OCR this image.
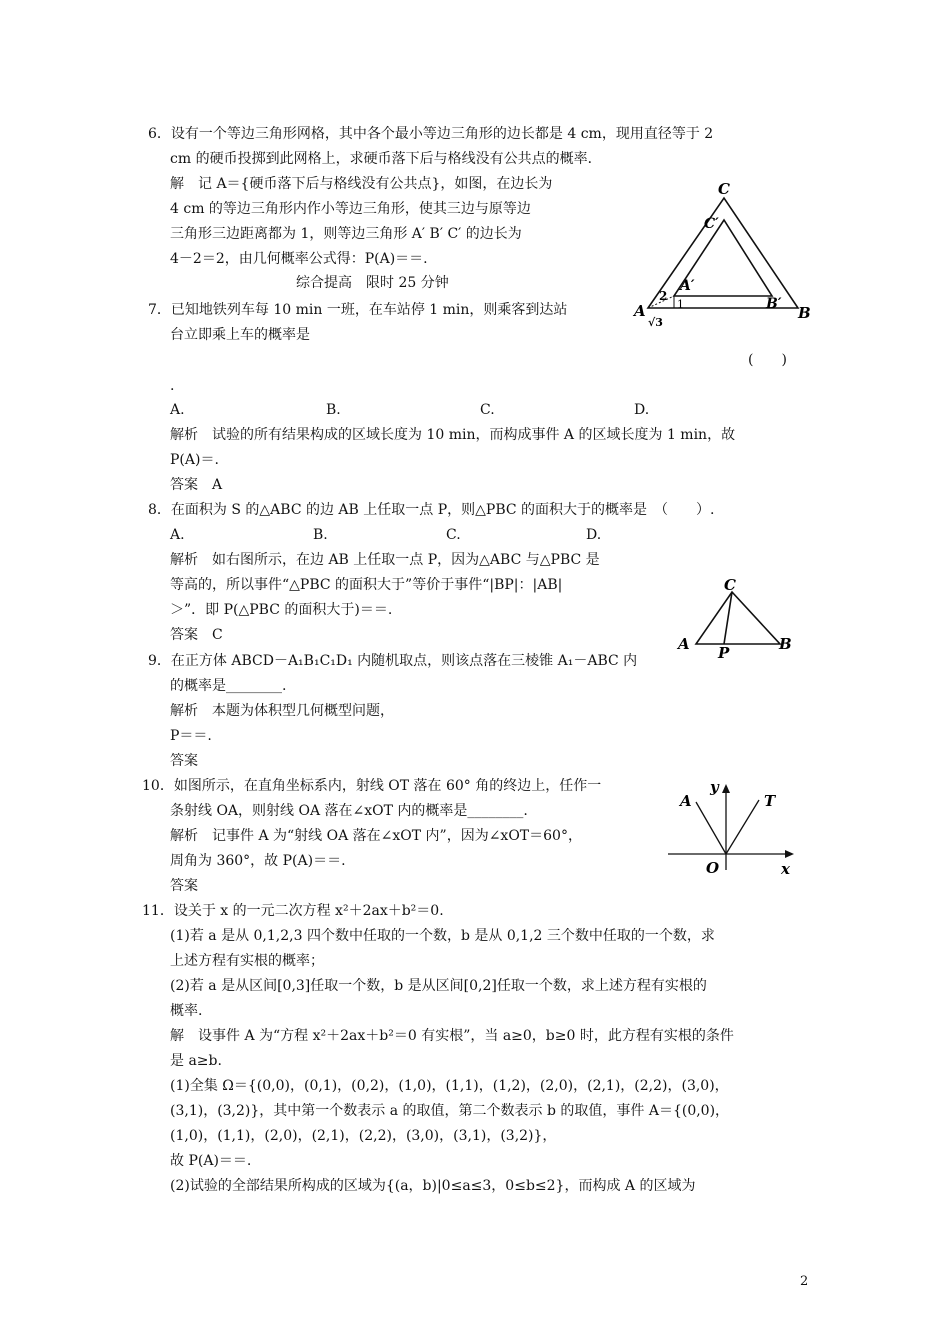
6．设有一个等边三角形网格，其中各个最小等边三角形的边长都是 4 cm，现用直径等于 2
cm 的硬币投掷到此网格上，求硬币落下后与格线没有公共点的概率．
解　记 A＝{硬币落下后与格线没有公共点}，如图，在边长为
4 cm 的等边三角形内作小等边三角形，使其三边与原等边
三角形三边距离都为 1，则等边三角形 A′ B′ C′ 的边长为
4－2＝2，由几何概率公式得：P(A)＝＝.
综合提高　限时 25 分钟
7．已知地铁列车每 10 min 一班，在车站停 1 min，则乘客到达站
台立即乘上车的概率是
(　　)
.
A.	B.	C.	D.
解析　试验的所有结果构成的区域长度为 10 min，而构成事件 A 的区域长度为 1 min，故
P(A)＝.
答案　A
8．在面积为 S 的△ABC 的边 AB 上任取一点 P，则△PBC 的面积大于的概率是　（　　）.
A.	B.	C.	D.
解析　如右图所示，在边 AB 上任取一点 P，因为△ABC 与△PBC 是
等高的，所以事件“△PBC 的面积大于”等价于事件“|BP|：|AB|
＞”．即 P(△PBC 的面积大于)＝＝.
答案　C
9．在正方体 ABCD－A₁B₁C₁D₁ 内随机取点，则该点落在三棱锥 A₁－ABC 内
的概率是________.
解析　本题为体积型几何概型问题，
P＝＝.
答案
10．如图所示，在直角坐标系内，射线 OT 落在 60° 角的终边上，任作一
条射线 OA，则射线 OA 落在∠xOT 内的概率是________.
解析　记事件 A 为“射线 OA 落在∠xOT 内”，因为∠xOT＝60°，
周角为 360°，故 P(A)＝＝.
答案
11．设关于 x 的一元二次方程 x²＋2ax＋b²＝0.
(1)若 a 是从 0,1,2,3 四个数中任取的一个数，b 是从 0,1,2 三个数中任取的一个数，求
上述方程有实根的概率；
(2)若 a 是从区间[0,3]任取一个数，b 是从区间[0,2]任取一个数，求上述方程有实根的
概率.
解　设事件 A 为“方程 x²＋2ax＋b²＝0 有实根”，当 a≥0，b≥0 时，此方程有实根的条件
是 a≥b.
(1)全集 Ω＝{(0,0)，(0,1)，(0,2)，(1,0)，(1,1)，(1,2)，(2,0)，(2,1)，(2,2)，(3,0)，
(3,1)，(3,2)}，其中第一个数表示 a 的取值，第二个数表示 b 的取值，事件 A＝{(0,0)，
(1,0)，(1,1)，(2,0)，(2,1)，(2,2)，(3,0)，(3,1)，(3,2)}，
故 P(A)＝＝.
(2)试验的全部结果所构成的区域为{(a，b)|0≤a≤3，0≤b≤2}，而构成 A 的区域为
C
C′
A′
B′
A	B
2
1
√3
C
A P	B
y
A	T
O	x
2
